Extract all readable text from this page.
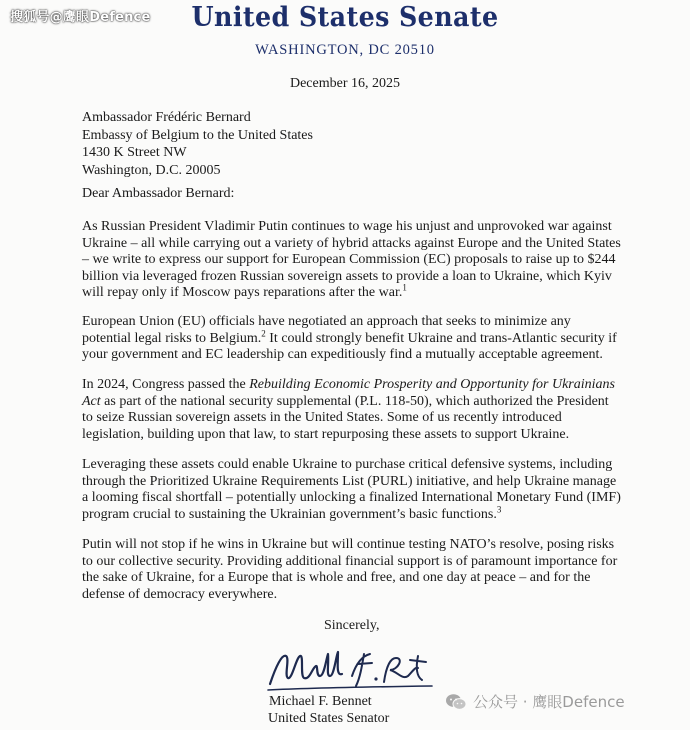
搜狐号@鹰眼Defence	United States Senate
WASHINGTON, DC 20510
December 16, 2025
Ambassador Frédéric Bernard
Embassy of Belgium to the United States
1430 K Street NW
Washington, D.C. 20005
Dear Ambassador Bernard:

As Russian President Vladimir Putin continues to wage his unjust and unprovoked war against Ukraine – all while carrying out a variety of hybrid attacks against Europe and the United States – we write to express our support for European Commission (EC) proposals to raise up to $244 billion via leveraged frozen Russian sovereign assets to provide a loan to Ukraine, which Kyiv will repay only if Moscow pays reparations after the war.$^1$

European Union (EU) officials have negotiated an approach that seeks to minimize any potential legal risks to Belgium.$^2$ It could strongly benefit Ukraine and trans-Atlantic security if your government and EC leadership can expeditiously find a mutually acceptable agreement.

In 2024, Congress passed the Rebuilding Economic Prosperity and Opportunity for Ukrainians Act as part of the national security supplemental (P.L. 118-50), which authorized the President to seize Russian sovereign assets in the United States. Some of us recently introduced legislation, building upon that law, to start repurposing these assets to support Ukraine.

Leveraging these assets could enable Ukraine to purchase critical defensive systems, including through the Prioritized Ukraine Requirements List (PURL) initiative, and help Ukraine manage a looming fiscal shortfall – potentially unlocking a finalized International Monetary Fund (IMF) program crucial to sustaining the Ukrainian government’s basic functions.$^3$

Putin will not stop if he wins in Ukraine but will continue testing NATO’s resolve, posing risks to our collective security. Providing additional financial support is of paramount importance for the sake of Ukraine, for a Europe that is whole and free, and one day at peace – and for the defense of democracy everywhere.

Sincerely,
Michael F. Bennet
United States Senator
公众号 · 鹰眼Defence
